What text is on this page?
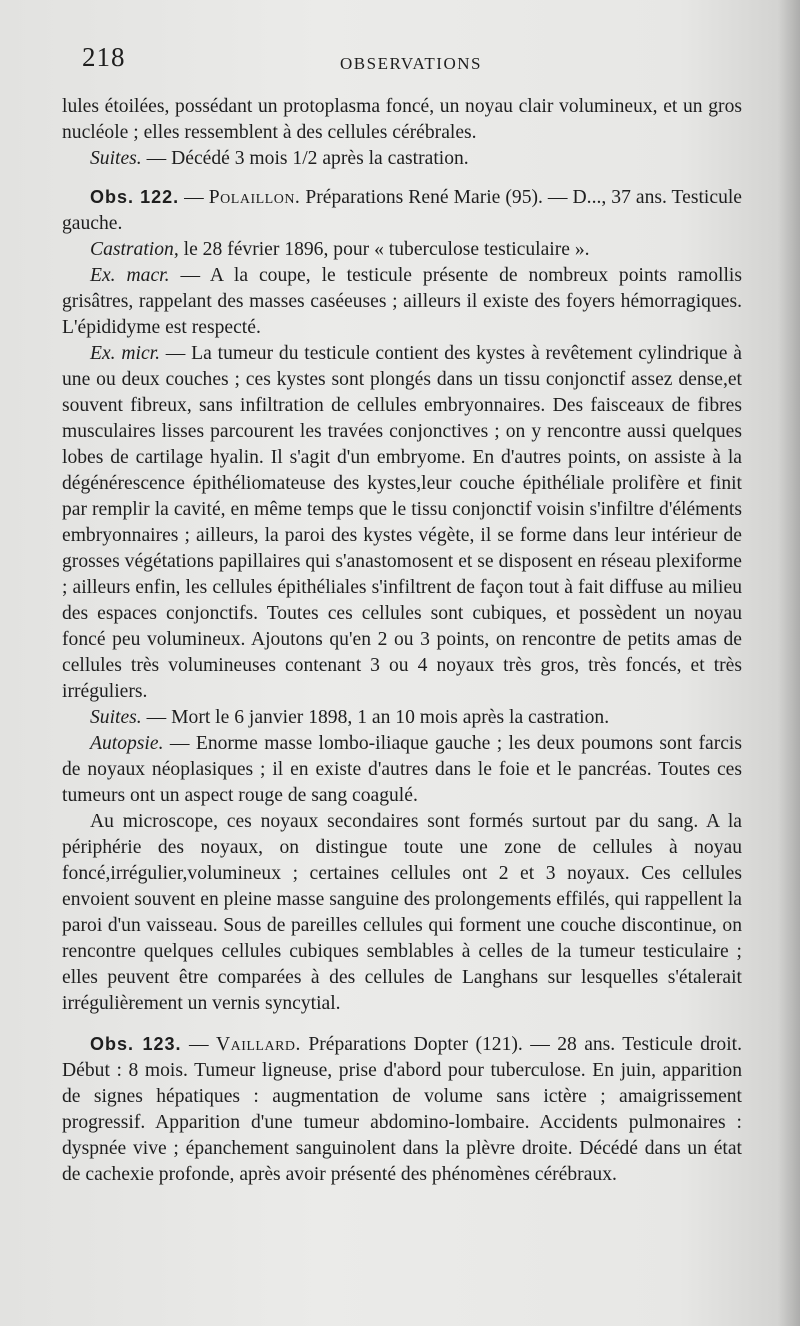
218	OBSERVATIONS

lules étoilées, possédant un protoplasma foncé, un noyau clair volumineux, et un gros nucléole ; elles ressemblent à des cellules cérébrales.

Suites. — Décédé 3 mois 1/2 après la castration.

Obs. 122. — Polaillon. Préparations René Marie (95). — D..., 37 ans. Testicule gauche.

Castration, le 28 février 1896, pour « tuberculose testiculaire ».

Ex. macr. — A la coupe, le testicule présente de nombreux points ramollis grisâtres, rappelant des masses caséeuses ; ailleurs il existe des foyers hémorragiques. L'épididyme est respecté.

Ex. micr. — La tumeur du testicule contient des kystes à revêtement cylindrique à une ou deux couches ; ces kystes sont plongés dans un tissu conjonctif assez dense,et souvent fibreux, sans infiltration de cellules embryonnaires. Des faisceaux de fibres musculaires lisses parcourent les travées conjonctives ; on y rencontre aussi quelques lobes de cartilage hyalin. Il s'agit d'un embryome. En d'autres points, on assiste à la dégénérescence épithéliomateuse des kystes,leur couche épithéliale prolifère et finit par remplir la cavité, en même temps que le tissu conjonctif voisin s'infiltre d'éléments embryonnaires ; ailleurs, la paroi des kystes végète, il se forme dans leur intérieur de grosses végétations papillaires qui s'anastomosent et se disposent en réseau plexiforme ; ailleurs enfin, les cellules épithéliales s'infiltrent de façon tout à fait diffuse au milieu des espaces conjonctifs. Toutes ces cellules sont cubiques, et possèdent un noyau foncé peu volumineux. Ajoutons qu'en 2 ou 3 points, on rencontre de petits amas de cellules très volumineuses contenant 3 ou 4 noyaux très gros, très foncés, et très irréguliers.

Suites. — Mort le 6 janvier 1898, 1 an 10 mois après la castration.

Autopsie. — Enorme masse lombo-iliaque gauche ; les deux poumons sont farcis de noyaux néoplasiques ; il en existe d'autres dans le foie et le pancréas. Toutes ces tumeurs ont un aspect rouge de sang coagulé.

Au microscope, ces noyaux secondaires sont formés surtout par du sang. A la périphérie des noyaux, on distingue toute une zone de cellules à noyau foncé,irrégulier,volumineux ; certaines cellules ont 2 et 3 noyaux. Ces cellules envoient souvent en pleine masse sanguine des prolongements effilés, qui rappellent la paroi d'un vaisseau. Sous de pareilles cellules qui forment une couche discontinue, on rencontre quelques cellules cubiques semblables à celles de la tumeur testiculaire ; elles peuvent être comparées à des cellules de Langhans sur lesquelles s'étalerait irrégulièrement un vernis syncytial.

Obs. 123. — Vaillard. Préparations Dopter (121). — 28 ans. Testicule droit. Début : 8 mois. Tumeur ligneuse, prise d'abord pour tuberculose. En juin, apparition de signes hépatiques : augmentation de volume sans ictère ; amaigrissement progressif. Apparition d'une tumeur abdomino-lombaire. Accidents pulmonaires : dyspnée vive ; épanchement sanguinolent dans la plèvre droite. Décédé dans un état de cachexie profonde, après avoir présenté des phénomènes cérébraux.
